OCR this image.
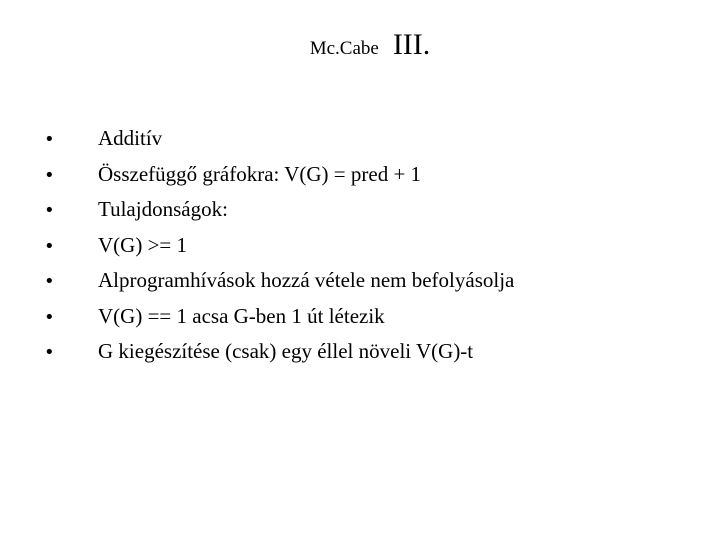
Mc.Cabe III.
•	Additív
•	Összefüggő gráfokra: V(G) = pred + 1
•	Tulajdonságok:
•	V(G) >= 1
•	Alprogramhívások hozzá vétele nem befolyásolja
•	V(G) == 1 acsa G-ben 1 út létezik
•	G kiegészítése (csak) egy éllel növeli V(G)-t
